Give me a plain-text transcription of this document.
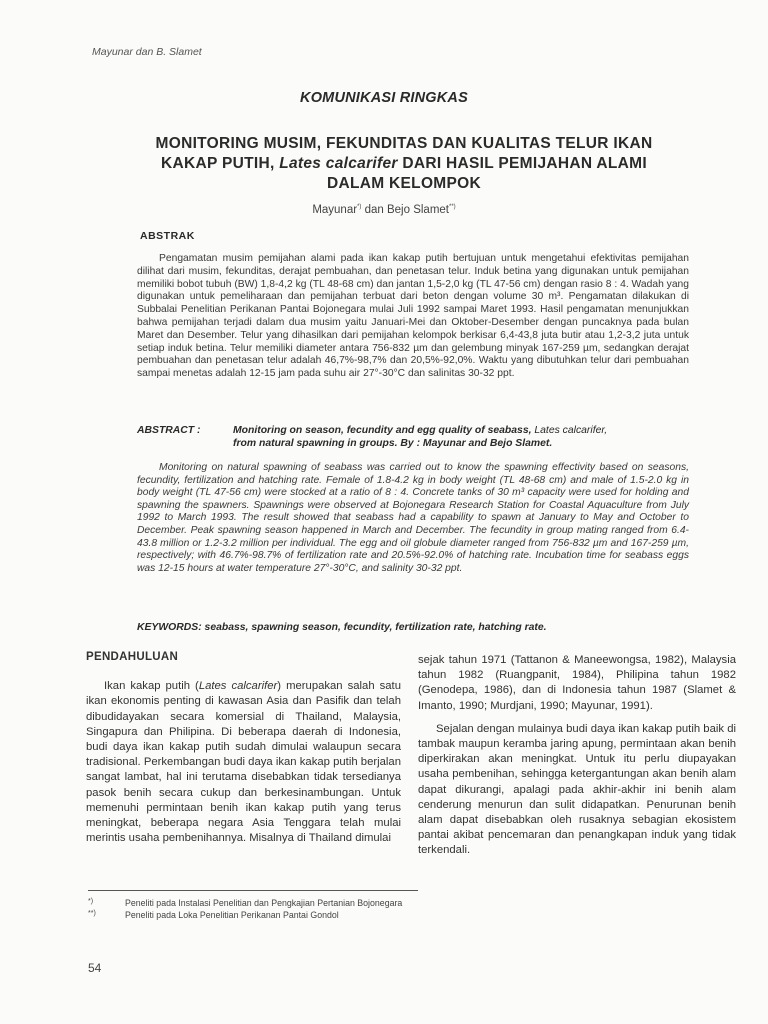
Mayunar dan B. Slamet
KOMUNIKASI RINGKAS
MONITORING MUSIM, FEKUNDITAS DAN KUALITAS TELUR IKAN
KAKAP PUTIH, Lates calcarifer DARI HASIL PEMIJAHAN ALAMI
DALAM KELOMPOK
Mayunar*) dan Bejo Slamet**)
ABSTRAK
Pengamatan musim pemijahan alami pada ikan kakap putih bertujuan untuk mengetahui efektivitas pemijahan dilihat dari musim, fekunditas, derajat pembuahan, dan penetasan telur. Induk betina yang digunakan untuk pemijahan memiliki bobot tubuh (BW) 1,8-4,2 kg (TL 48-68 cm) dan jantan 1,5-2,0 kg (TL 47-56 cm) dengan rasio 8 : 4. Wadah yang digunakan untuk pemeliharaan dan pemijahan terbuat dari beton dengan volume 30 m³. Pengamatan dilakukan di Subbalai Penelitian Perikanan Pantai Bojonegara mulai Juli 1992 sampai Maret 1993. Hasil pengamatan menunjukkan bahwa pemijahan terjadi dalam dua musim yaitu Januari-Mei dan Oktober-Desember dengan puncaknya pada bulan Maret dan Desember. Telur yang dihasilkan dari pemijahan kelompok berkisar 6,4-43,8 juta butir atau 1,2-3,2 juta untuk setiap induk betina. Telur memiliki diameter antara 756-832 µm dan gelembung minyak 167-259 µm, sedangkan derajat pembuahan dan penetasan telur adalah 46,7%-98,7% dan 20,5%-92,0%. Waktu yang dibutuhkan telur dari pembuahan sampai menetas adalah 12-15 jam pada suhu air 27°-30°C dan salinitas 30-32 ppt.
ABSTRACT :	Monitoring on season, fecundity and egg quality of seabass, Lates calcarifer,
from natural spawning in groups. By : Mayunar and Bejo Slamet.
Monitoring on natural spawning of seabass was carried out to know the spawning effectivity based on seasons, fecundity, fertilization and hatching rate. Female of 1.8-4.2 kg in body weight (TL 48-68 cm) and male of 1.5-2.0 kg in body weight (TL 47-56 cm) were stocked at a ratio of 8 : 4. Concrete tanks of 30 m³ capacity were used for holding and spawning the spawners. Spawnings were observed at Bojonegara Research Station for Coastal Aquaculture from July 1992 to March 1993. The result showed that seabass had a capability to spawn at January to May and October to December. Peak spawning season happened in March and December. The fecundity in group mating ranged from 6.4-43.8 million or 1.2-3.2 million per individual. The egg and oil globule diameter ranged from 756-832 µm and 167-259 µm, respectively; with 46.7%-98.7% of fertilization rate and 20.5%-92.0% of hatching rate. Incubation time for seabass eggs was 12-15 hours at water temperature 27°-30°C, and salinity 30-32 ppt.
KEYWORDS: seabass, spawning season, fecundity, fertilization rate, hatching rate.
PENDAHULUAN

Ikan kakap putih (Lates calcarifer) merupakan salah satu ikan ekonomis penting di kawasan Asia dan Pasifik dan telah dibudidayakan secara komersial di Thailand, Malaysia, Singapura dan Philipina. Di beberapa daerah di Indonesia, budi daya ikan kakap putih sudah dimulai walaupun secara tradisional. Perkembangan budi daya ikan kakap putih berjalan sangat lambat, hal ini terutama disebabkan tidak tersedianya pasok benih secara cukup dan berkesinambungan. Untuk memenuhi permintaan benih ikan kakap putih yang terus meningkat, beberapa negara Asia Tenggara telah mulai merintis usaha pembenihannya. Misalnya di Thailand dimulai

sejak tahun 1971 (Tattanon & Maneewongsa, 1982), Malaysia tahun 1982 (Ruangpanit, 1984), Philipina tahun 1982 (Genodepa, 1986), dan di Indonesia tahun 1987 (Slamet & Imanto, 1990; Murdjani, 1990; Mayunar, 1991).

Sejalan dengan mulainya budi daya ikan kakap putih baik di tambak maupun keramba jaring apung, permintaan akan benih diperkirakan akan meningkat. Untuk itu perlu diupayakan usaha pembenihan, sehingga ketergantungan akan benih alam dapat dikurangi, apalagi pada akhir-akhir ini benih alam cenderung menurun dan sulit didapatkan. Penurunan benih alam dapat disebabkan oleh rusaknya sebagian ekosistem pantai akibat pencemaran dan penangkapan induk yang tidak terkendali.

*)	Peneliti pada Instalasi Penelitian dan Pengkajian Pertanian Bojonegara
**)	Peneliti pada Loka Penelitian Perikanan Pantai Gondol
54
